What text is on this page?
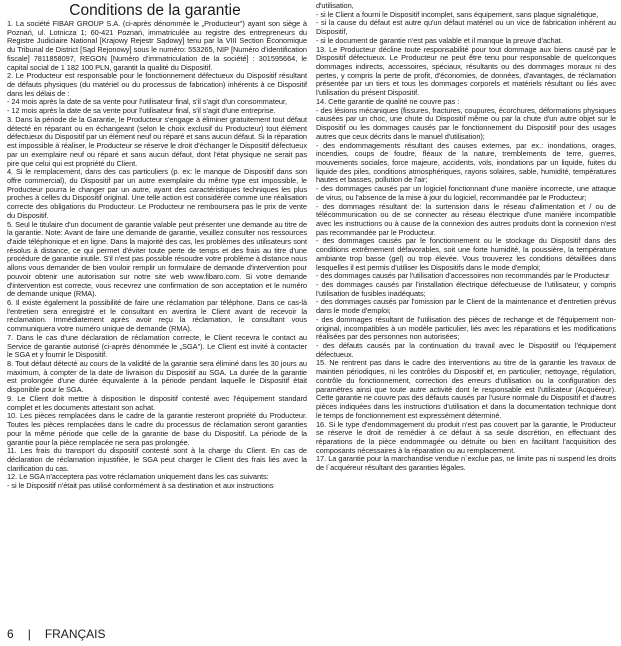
Conditions de la garantie

1. La société FIBAR GROUP S.A. (ci-après dénommée le „Producteur") ayant son siège à Poznań, ul. Lotnicza 1; 60-421 Poznań, immatriculée au registre des entrepreneurs du Registre Judiciaire National [Krajowy Rejestr Sądowy] tenu par la VIII Section Économique du Tribunal de District [Sąd Rejonowy] sous le numéro: 553265, NIP [Numéro d'identification fiscale] 7811858097, REGON [Numéro d'immatriculation de la société] : 301595664, le capital social de 1 182 100 PLN, garantit la qualité du Dispositif.

2. Le Producteur est responsable pour le fonctionnement défectueux du Dispositif résultant de défauts physiques (du matériel ou du processus de fabrication) inhérents à ce Dispositif dans les délais de :

- 24 mois après la date de sa vente pour l'utilisateur final, s'il s'agit d'un consommateur,

- 12 mois après la date de sa vente pour l'utilisateur final, s'il s'agit d'une entreprise.

3. Dans la période de la Garantie, le Producteur s'engage à éliminer gratuitement tout défaut détecté en réparant ou en échangeant (selon le choix exclusif du Producteur) tout élément défectueux du Dispositif par un élément neuf ou réparé et sans aucun défaut. Si la réparation est impossible à réaliser, le Producteur se réserve le droit d'échanger le Dispositif défectueux par un exemplaire neuf ou réparé et sans aucun défaut, dont l'état physique ne serait pas pire que celui qui est propriété du Client.

4. Si le remplacement, dans des cas particuliers (p. ex: le manque de Dispositif dans son offre commercial), du Dispositif par un autre exemplaire du même type est impossible, le Producteur pourra le changer par un autre, ayant des caractéristiques techniques les plus proches à celles du Dispositif original. Une telle action est considérée comme une réalisation correcte des obligations du Producteur. Le Producteur ne remboursera pas le prix de vente du Dispositif.

5. Seul le titulaire d'un document de garantie valable peut présenter une demande au titre de la garantie. Note: Avant de faire une demande de garantie, veuillez consulter nos ressources d'aide téléphonique et en ligne. Dans la majorité des cas, les problèmes des utilisateurs sont résolus à distance, ce qui permet d'éviter toute perte de temps et des frais au titre d'une procédure de garantie inutile. S'il n'est pas possible résoudre votre problème à distance nous allons vous demander de bien vouloir remplir un formulaire de demande d'intervention pour pouvoir obtenir une autorisation sur notre site web www.fibaro.com. Si votre demande d'intervention est correcte, vous recevrez une confirmation de son acceptation et le numéro de demande unique (RMA).

6. Il existe également la possibilité de faire une réclamation par téléphone. Dans ce cas-là l'entretien sera enregistré et le consultant en avertira le Client avant de recevoir la réclamation. Immédiatement après avoir reçu la réclamation, le consultant vous communiquera votre numéro unique de demande (RMA).

7. Dans le cas d'une déclaration de réclamation correcte, le Client recevra le contact au Service de garantie autorisé (ci-après dénommée le „SGA"). Le Client est invité à contacter le SGA et y fournir le Dispositif.

8. Tout défaut détecté au cours de la validité de la garantie sera éliminé dans les 30 jours au maximum, à compter de la date de livraison du Dispositif au SGA. La durée de la garantie est prolongée d'une durée équivalente à la période pendant laquelle le Dispositif était disponible pour le SGA.

9. Le Client doit mettre à disposition le dispositif contesté avec l'équipement standard complet et les documents attestant son achat.

10. Les pièces remplacées dans le cadre de la garantie resteront propriété du Producteur. Toutes les pièces remplacées dans le cadre du processus de réclamation seront garanties pour la même période que celle de la garantie de base du Dispositif. La période de la garantie pour la pièce remplacée ne sera pas prolongée.

11. Les frais du transport du dispositif contesté sont à la charge du Client. En cas de déclaration de réclamation injustifiée, le SGA peut charger le Client des frais liés avec la clarification du cas.

12. Le SGA n'acceptera pas votre réclamation uniquement dans les cas suivants:

- si le Dispositif n'était pas utilisé conformément à sa destination et aux instructions

d'utilisation,

- si le Client a fourni le Dispositif incomplet, sans équipement, sans plaque signalétique,

- si la cause du défaut est autre qu'un défaut matériel ou un vice de fabrication inhérent au Dispositif,

- si le document de garantie n'est pas valable et il manque la preuve d'achat.

13. Le Producteur décline toute responsabilité pour tout dommage aux biens causé par le Dispositif défectueux. Le Producteur ne peut être tenu pour responsable de quelconques dommages indirects, accessoires, spéciaux, résultants ou des dommages moraux ni des pertes, y compris la perte de profit, d'économies, de données, d'avantages, de réclamation présentée par un tiers et tous les dommages corporels et matériels résultant ou liés avec l'utilisation du présent Dispositif.

14. Cette garantie de qualité ne couvre pas :

- des lésions mécaniques (fissures, fractures, coupures, écorchures, déformations physiques causées par un choc, une chute du Dispositif même ou par la chute d'un autre objet sur le Dispositif ou les dommages causés par le fonctionnement du Dispositif pour des usages autres que ceux décrits dans le manuel d'utilisation);

- des endommagements résultant des causes externes, par ex.: inondations, orages, incendies, coups de foudre, fléaux de la nature, tremblements de terre, guerres, mouvements sociales, force majeure, accidents, vols, inondations par un liquide, fuites du liquide des piles, conditions atmosphériques, rayons solaires, sable, humidité, températures hautes et basses, pollution de l'air;

- des dommages causés par un logiciel fonctionnant d'une manière incorrecte, une attaque de virus, ou l'absence de la mise à jour du logiciel, recommandée par le Producteur;

- des dommages résultant de: la surtension dans le réseau d'alimentation et / ou de télécommunication ou de se connecter au réseau électrique d'une manière incompatible avec les instructions ou à cause de la connexion des autres produits dont la connexion n'est pas recommandée par le Producteur.

- des dommages causés par le fonctionnement ou le stockage du Dispositif dans des conditions extrêmement défavorables, soit une forte humidité, la poussière, la température ambiante trop basse (gel) ou trop élevée. Vous trouverez les conditions détaillées dans lesquelles il est permis d'utiliser les Dispositifs dans le mode d'emploi;

- des dommages causés par l'utilisation d'accessoires non recommandés par le Producteur

- des dommages causés par l'installation électrique défectueuse de l'utilisateur, y compris l'utilisation de fusibles inadéquats;

- des dommages causés par l'omission par le Client de la maintenance et d'entretien prévus dans le mode d'emploi;

- des dommages résultant de l'utilisation des pièces de rechange et de l'équipement non-original, incompatibles à un modèle particulier, liés avec les réparations et les modifications réalisées par des personnes non autorisées;

- des défauts causés par la continuation du travail avec le Dispositif ou l'équipement défectueux.

15. Ne rentrent pas dans le cadre des interventions au titre de la garantie les travaux de maintien périodiques, ni les contrôles du Dispositif et, en particulier, nettoyage, régulation, contrôle du fonctionnement, correction des erreurs d'utilisation ou la configuration des paramètres ainsi que toute autre activité dont le responsable est l'utilisateur (Acquéreur). Cette garantie ne couvre pas des défauts causés par l'usure normale du Dispositif et d'autres pièces indiquées dans les instructions d'utilisation et dans la documentation technique dont le temps de fonctionnement est expressément déterminé.

16. Si le type d'endommagement du produit n'est pas couvert par la garantie, le Producteur se réserve le droit de remédier à ce défaut à sa seule discrétion, en effectuant des réparations de la pièce endommagée ou détruite ou bien en facilitant l'acquisition des composants nécessaires à la réparation ou au remplacement.

17. La garantie pour la marchandise vendue n`exclue pas, ne limite pas ni suspend les droits de l`acquéreur résultant des garanties légales.

6 | FRANÇAIS
